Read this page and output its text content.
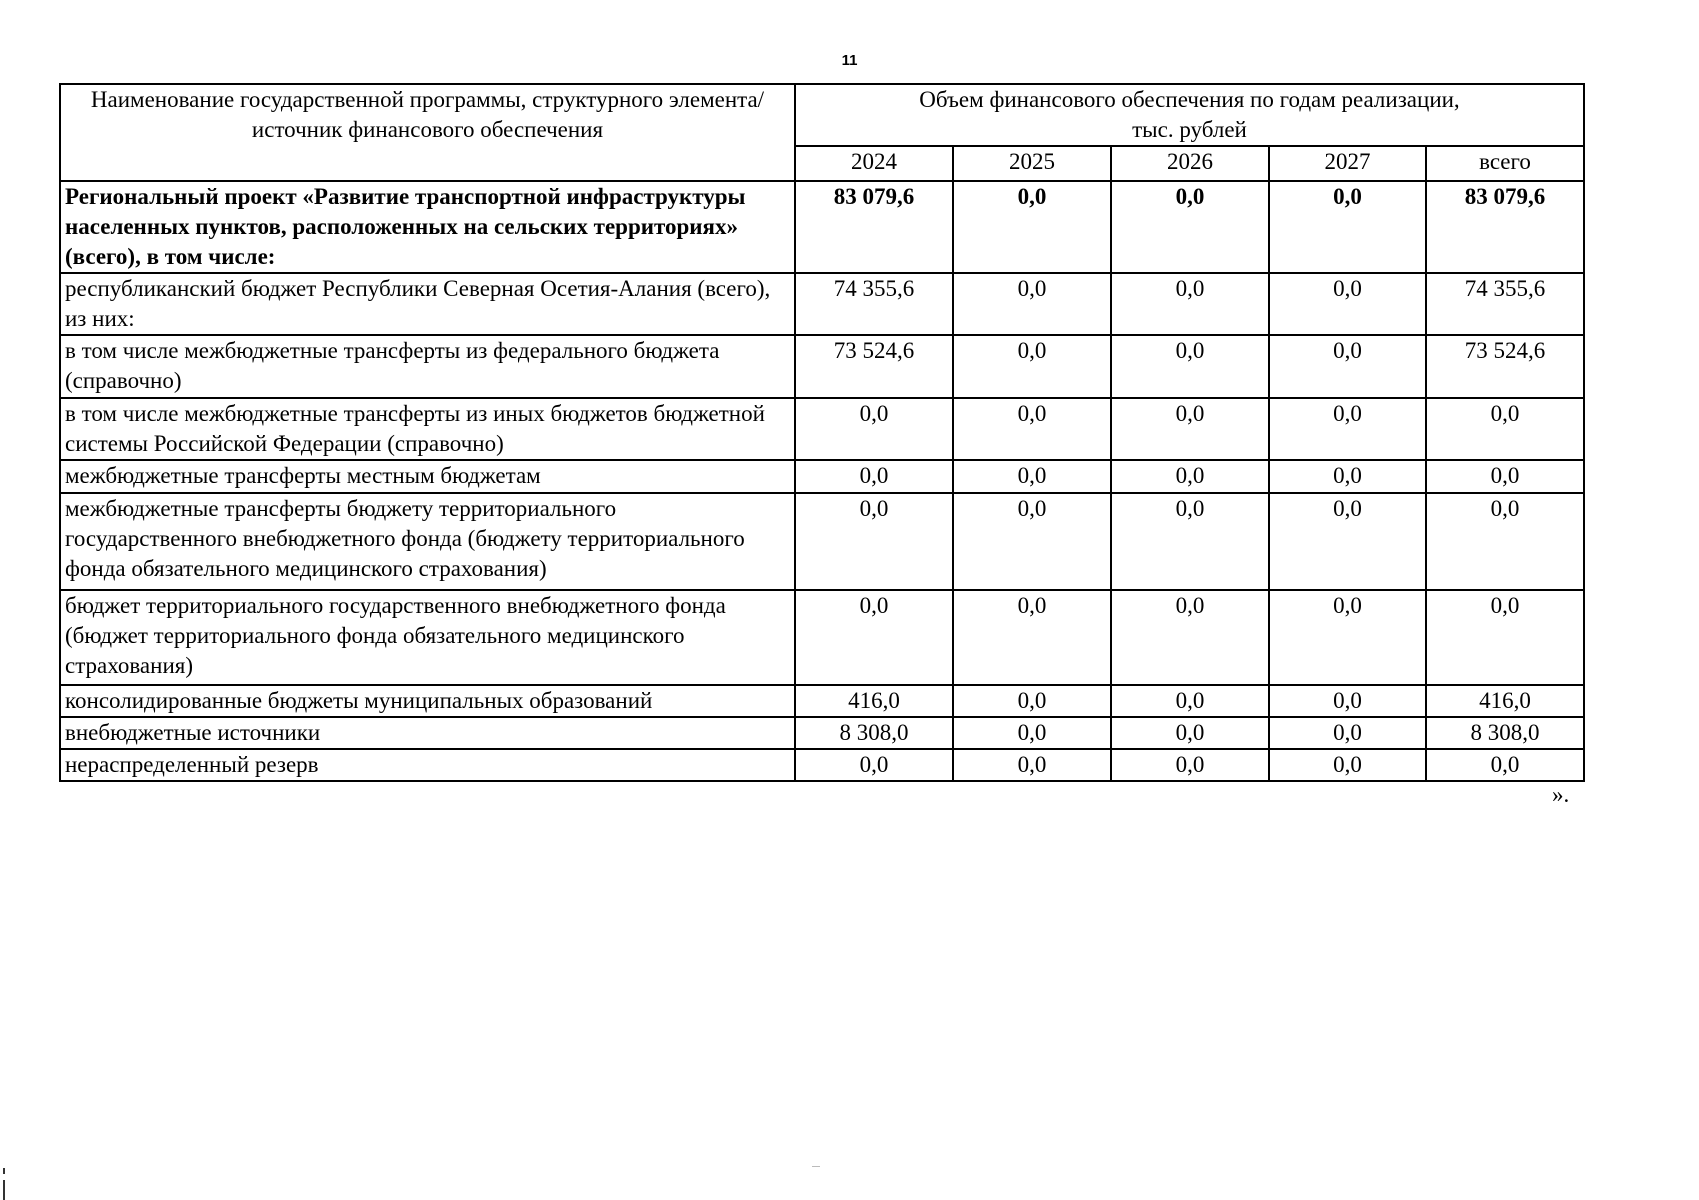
11
Наименование государственной программы, структурного элемента/источник финансового обеспечения	Объем финансового обеспечения по годам реализации,
тыс. рублей				

	2024	2025	2026	2027	всего
Региональный проект «Развитие транспортной инфраструктуры населенных пунктов, расположенных на сельских территориях» (всего), в том числе:	83 079,6	0,0	0,0	0,0	83 079,6
республиканский бюджет Республики Северная Осетия-Алания (всего), из них:	74 355,6	0,0	0,0	0,0	74 355,6
в том числе межбюджетные трансферты из федерального бюджета (справочно)	73 524,6	0,0	0,0	0,0	73 524,6
в том числе межбюджетные трансферты из иных бюджетов бюджетной системы Российской Федерации (справочно)	0,0	0,0	0,0	0,0	0,0
межбюджетные трансферты местным бюджетам	0,0	0,0	0,0	0,0	0,0
межбюджетные трансферты бюджету территориального государственного внебюджетного фонда (бюджету территориального фонда обязательного медицинского страхования)	0,0	0,0	0,0	0,0	0,0
бюджет территориального государственного внебюджетного фонда (бюджет территориального фонда обязательного медицинского страхования)	0,0	0,0	0,0	0,0	0,0
консолидированные бюджеты муниципальных образований	416,0	0,0	0,0	0,0	416,0
внебюджетные источники	8 308,0	0,0	0,0	0,0	8 308,0
нераспределенный резерв	0,0	0,0	0,0	0,0	0,0
».
